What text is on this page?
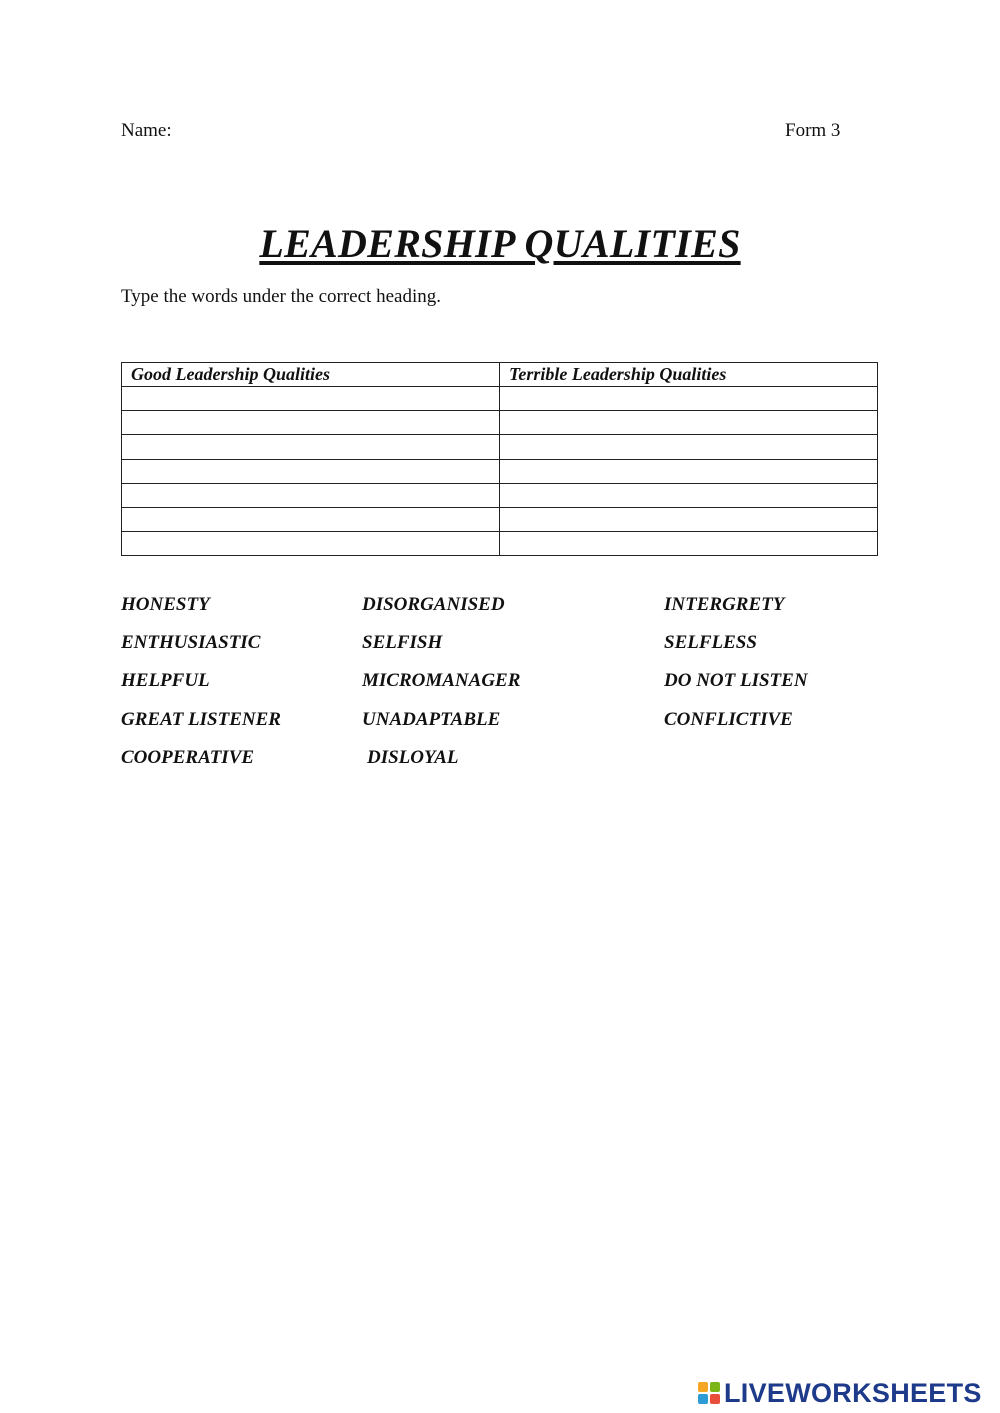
Name:	Form 3
LEADERSHIP QUALITIES
Type the words under the correct heading.
Good Leadership Qualities	Terrible Leadership Qualities

HONESTY
ENTHUSIASTIC
HELPFUL
GREAT LISTENER
COOPERATIVE
DISORGANISED
SELFISH
MICROMANAGER
UNADAPTABLE
DISLOYAL
INTERGRETY
SELFLESS
DO NOT LISTEN
CONFLICTIVE
LIVEWORKSHEETS
